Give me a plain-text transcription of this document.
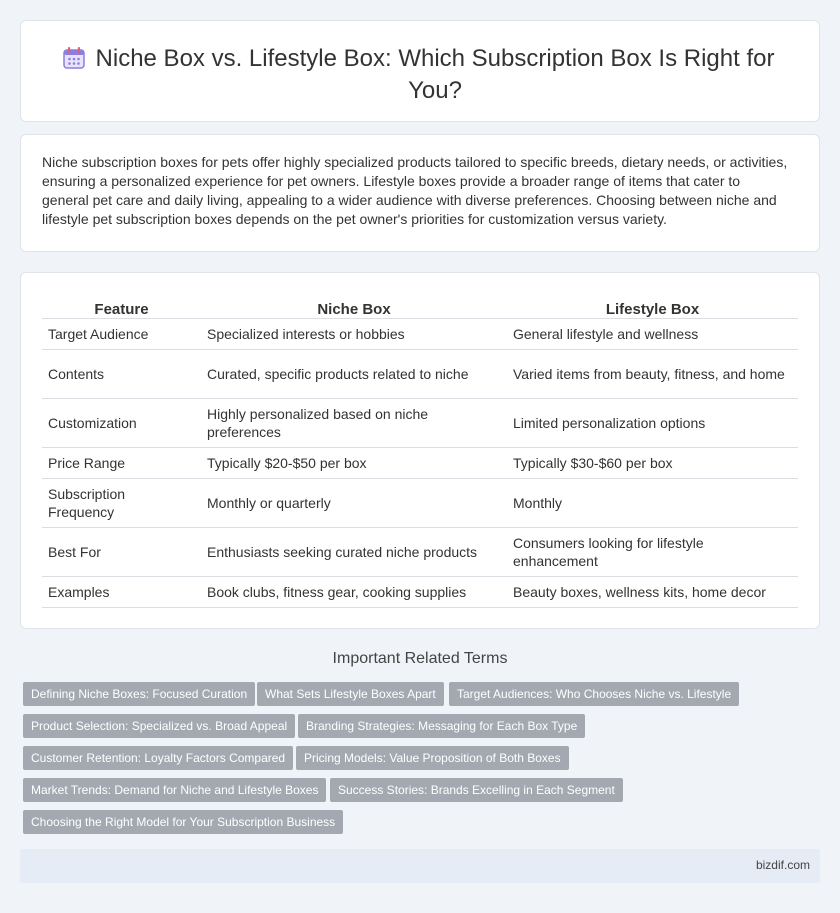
Niche Box vs. Lifestyle Box: Which Subscription Box Is Right for You?

Niche subscription boxes for pets offer highly specialized products tailored to specific breeds, dietary needs, or activities, ensuring a personalized experience for pet owners. Lifestyle boxes provide a broader range of items that cater to general pet care and daily living, appealing to a wider audience with diverse preferences. Choosing between niche and lifestyle pet subscription boxes depends on the pet owner's priorities for customization versus variety.

Feature	Niche Box	Lifestyle Box
Target Audience	Specialized interests or hobbies	General lifestyle and wellness
Contents	Curated, specific products related to niche	Varied items from beauty, fitness, and home
Customization	Highly personalized based on niche preferences	Limited personalization options
Price Range	Typically $20-$50 per box	Typically $30-$60 per box
Subscription Frequency	Monthly or quarterly	Monthly
Best For	Enthusiasts seeking curated niche products	Consumers looking for lifestyle enhancement
Examples	Book clubs, fitness gear, cooking supplies	Beauty boxes, wellness kits, home decor
Important Related Terms
Defining Niche Boxes: Focused Curation	What Sets Lifestyle Boxes Apart	Target Audiences: Who Chooses Niche vs. Lifestyle
Product Selection: Specialized vs. Broad Appeal	Branding Strategies: Messaging for Each Box Type
Customer Retention: Loyalty Factors Compared	Pricing Models: Value Proposition of Both Boxes
Market Trends: Demand for Niche and Lifestyle Boxes	Success Stories: Brands Excelling in Each Segment
Choosing the Right Model for Your Subscription Business
bizdif.com
